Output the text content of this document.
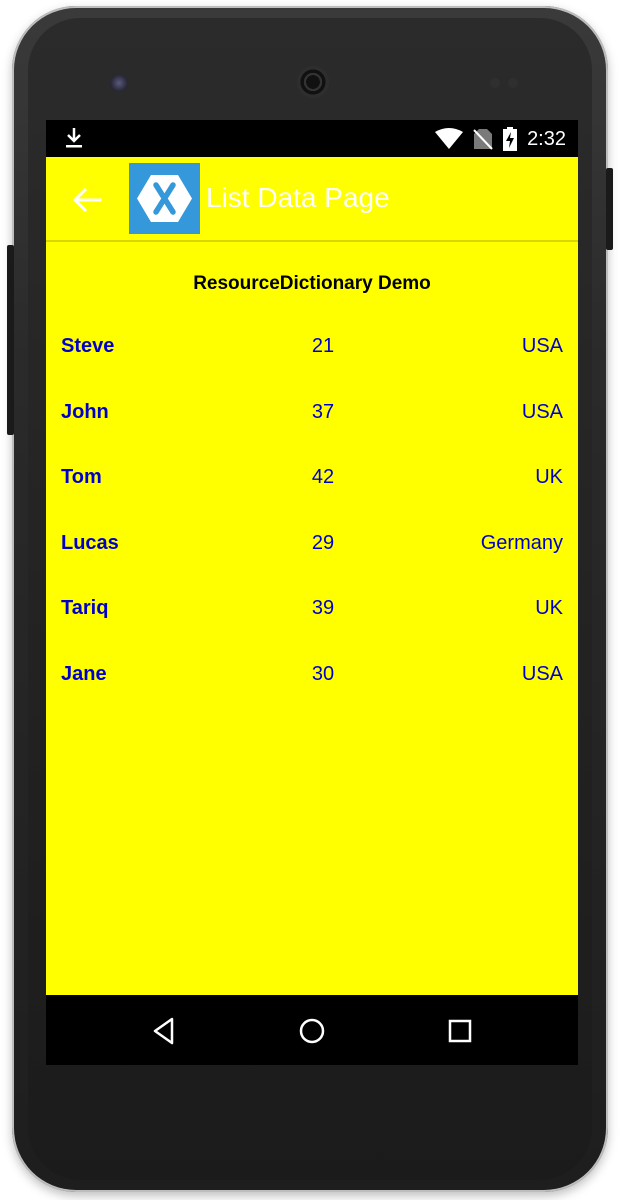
2:32
List Data Page
ResourceDictionary Demo
Steve	21	USA
John	37	USA
Tom	42	UK
Lucas	29	Germany
Tariq	39	UK
Jane	30	USA
